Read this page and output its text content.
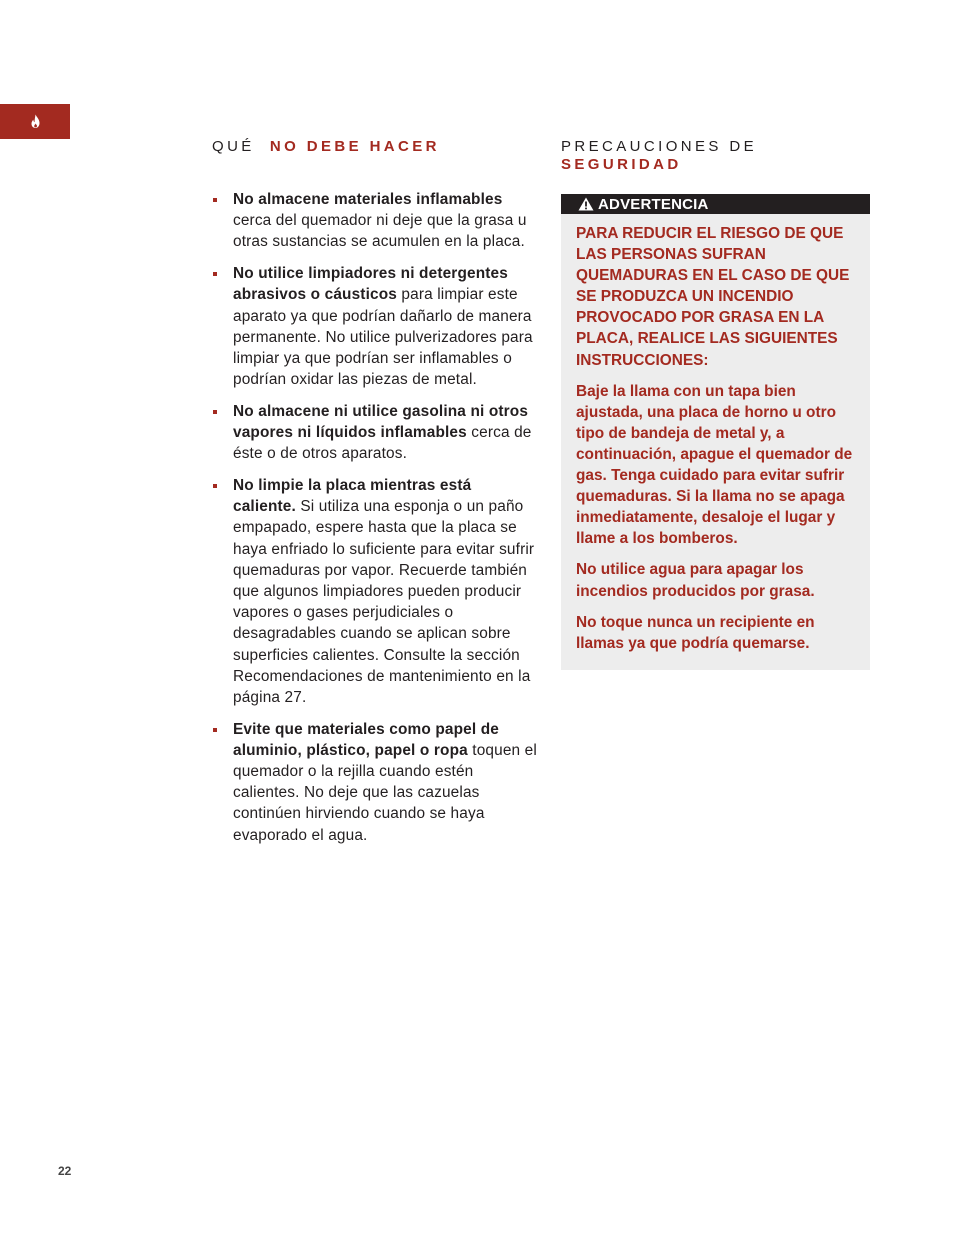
QUÉ NO DEBE HACER
No almacene materiales inflamables cerca del quemador ni deje que la grasa u otras sustancias se acumulen en la placa.
No utilice limpiadores ni detergentes abrasivos o cáusticos para limpiar este aparato ya que podrían dañarlo de manera permanente. No utilice pulverizadores para limpiar ya que podrían ser inflamables o podrían oxidar las piezas de metal.
No almacene ni utilice gasolina ni otros vapores ni líquidos inflamables cerca de éste o de otros aparatos.
No limpie la placa mientras está caliente. Si utiliza una esponja o un paño empapado, espere hasta que la placa se haya enfriado lo suficiente para evitar sufrir quemaduras por vapor. Recuerde también que algunos limpiadores pueden producir vapores o gases perjudiciales o desagradables cuando se aplican sobre superficies calientes. Consulte la sección Recomendaciones de mantenimiento en la página 27.
Evite que materiales como papel de aluminio, plástico, papel o ropa toquen el quemador o la rejilla cuando estén calientes. No deje que las cazuelas continúen hirviendo cuando se haya evaporado el agua.
PRECAUCIONES DE
SEGURIDAD
ADVERTENCIA

PARA REDUCIR EL RIESGO DE QUE LAS PERSONAS SUFRAN QUEMADURAS EN EL CASO DE QUE SE PRODUZCA UN INCENDIO PROVOCADO POR GRASA EN LA PLACA, REALICE LAS SIGUIENTES INSTRUCCIONES:

Baje la llama con un tapa bien ajustada, una placa de horno u otro tipo de bandeja de metal y, a continuación, apague el quemador de gas. Tenga cuidado para evitar sufrir quemaduras. Si la llama no se apaga inmediatamente, desaloje el lugar y llame a los bomberos.

No utilice agua para apagar los incendios producidos por grasa.

No toque nunca un recipiente en llamas ya que podría quemarse.

22
